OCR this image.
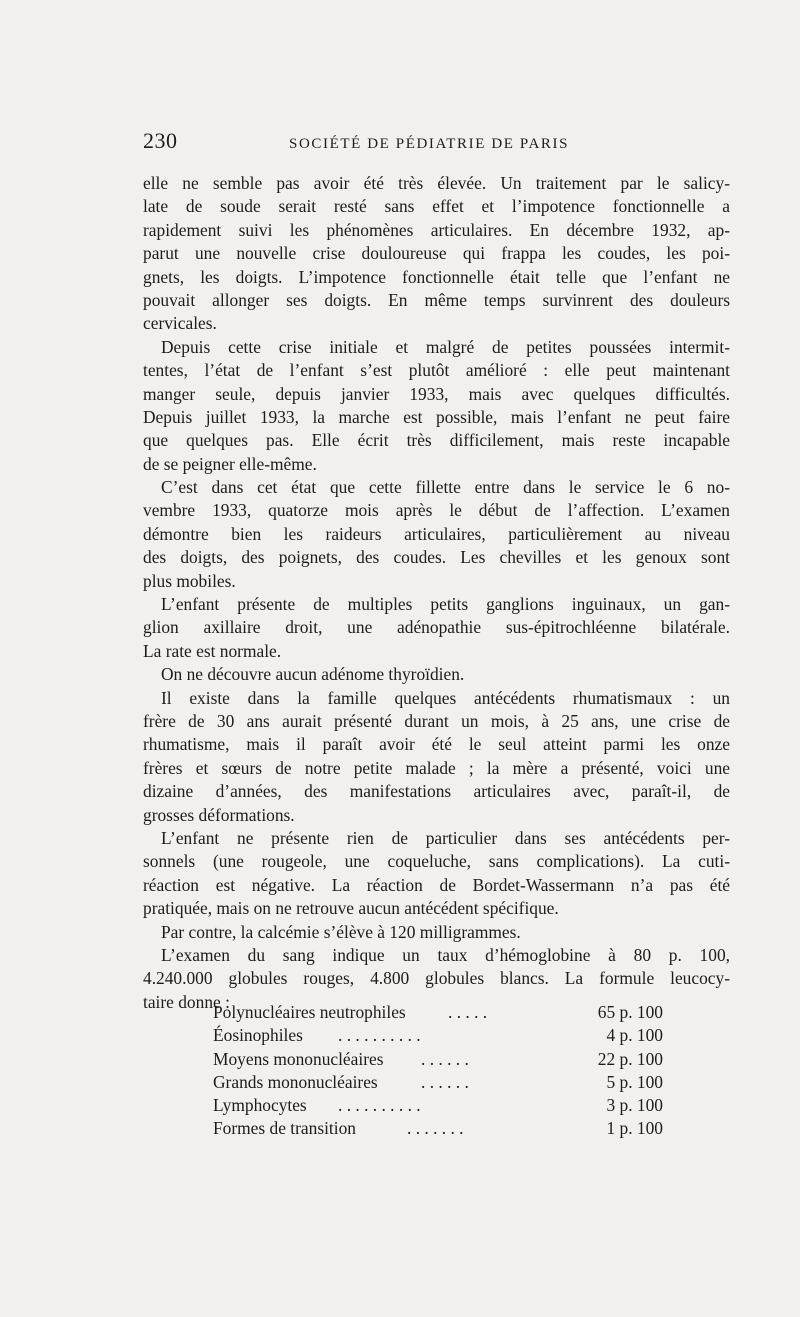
230	SOCIÉTÉ DE PÉDIATRIE DE PARIS
elle ne semble pas avoir été très élevée. Un traitement par le salicy-
late de soude serait resté sans effet et l’impotence fonctionnelle a
rapidement suivi les phénomènes articulaires. En décembre 1932, ap-
parut une nouvelle crise douloureuse qui frappa les coudes, les poi-
gnets, les doigts. L’impotence fonctionnelle était telle que l’enfant ne
pouvait allonger ses doigts. En même temps survinrent des douleurs
cervicales.
Depuis cette crise initiale et malgré de petites poussées intermit-
tentes, l’état de l’enfant s’est plutôt amélioré : elle peut maintenant
manger seule, depuis janvier 1933, mais avec quelques difficultés.
Depuis juillet 1933, la marche est possible, mais l’enfant ne peut faire
que quelques pas. Elle écrit très difficilement, mais reste incapable
de se peigner elle-même.
C’est dans cet état que cette fillette entre dans le service le 6 no-
vembre 1933, quatorze mois après le début de l’affection. L’examen
démontre bien les raideurs articulaires, particulièrement au niveau
des doigts, des poignets, des coudes. Les chevilles et les genoux sont
plus mobiles.
L’enfant présente de multiples petits ganglions inguinaux, un gan-
glion axillaire droit, une adénopathie sus-épitrochléenne bilatérale.
La rate est normale.
On ne découvre aucun adénome thyroïdien.
Il existe dans la famille quelques antécédents rhumatismaux : un
frère de 30 ans aurait présenté durant un mois, à 25 ans, une crise de
rhumatisme, mais il paraît avoir été le seul atteint parmi les onze
frères et sœurs de notre petite malade ; la mère a présenté, voici une
dizaine d’années, des manifestations articulaires avec, paraît-il, de
grosses déformations.
L’enfant ne présente rien de particulier dans ses antécédents per-
sonnels (une rougeole, une coqueluche, sans complications). La cuti-
réaction est négative. La réaction de Bordet-Wassermann n’a pas été
pratiquée, mais on ne retrouve aucun antécédent spécifique.
Par contre, la calcémie s’élève à 120 milligrammes.
L’examen du sang indique un taux d’hémoglobine à 80 p. 100,
4.240.000 globules rouges, 4.800 globules blancs. La formule leucocy-
taire donne :
Polynucléaires neutrophiles . . . . .	65 p. 100
Éosinophiles . . . . . . . . . .	4 p. 100
Moyens mononucléaires . . . . . .	22 p. 100
Grands mononucléaires . . . . . .	5 p. 100
Lymphocytes . . . . . . . . . .	3 p. 100
Formes de transition	. . . . . . .	1 p. 100
